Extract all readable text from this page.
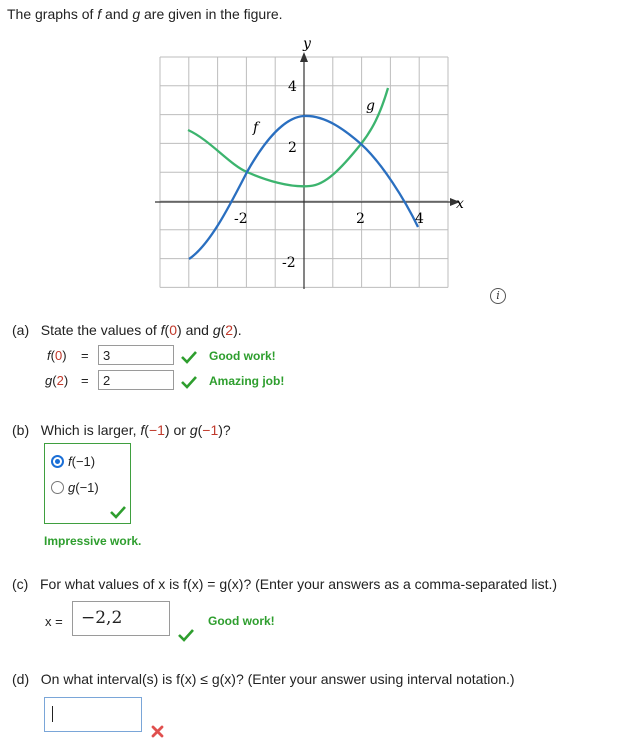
The graphs of f and g are given in the figure.
y
x
-2	2	4
4
2
-2
f
g
i
(a) State the values of f(0) and g(2).
f(0) =	3	Good work!
g(2) =	2	Amazing job!
(b) Which is larger, f(−1) or g(−1)?
f(−1)
g(−1)
Impressive work.
(c) For what values of x is f(x) = g(x)? (Enter your answers as a comma-separated list.)
x =	−2,2	Good work!
(d) On what interval(s) is f(x) ≤ g(x)? (Enter your answer using interval notation.)
